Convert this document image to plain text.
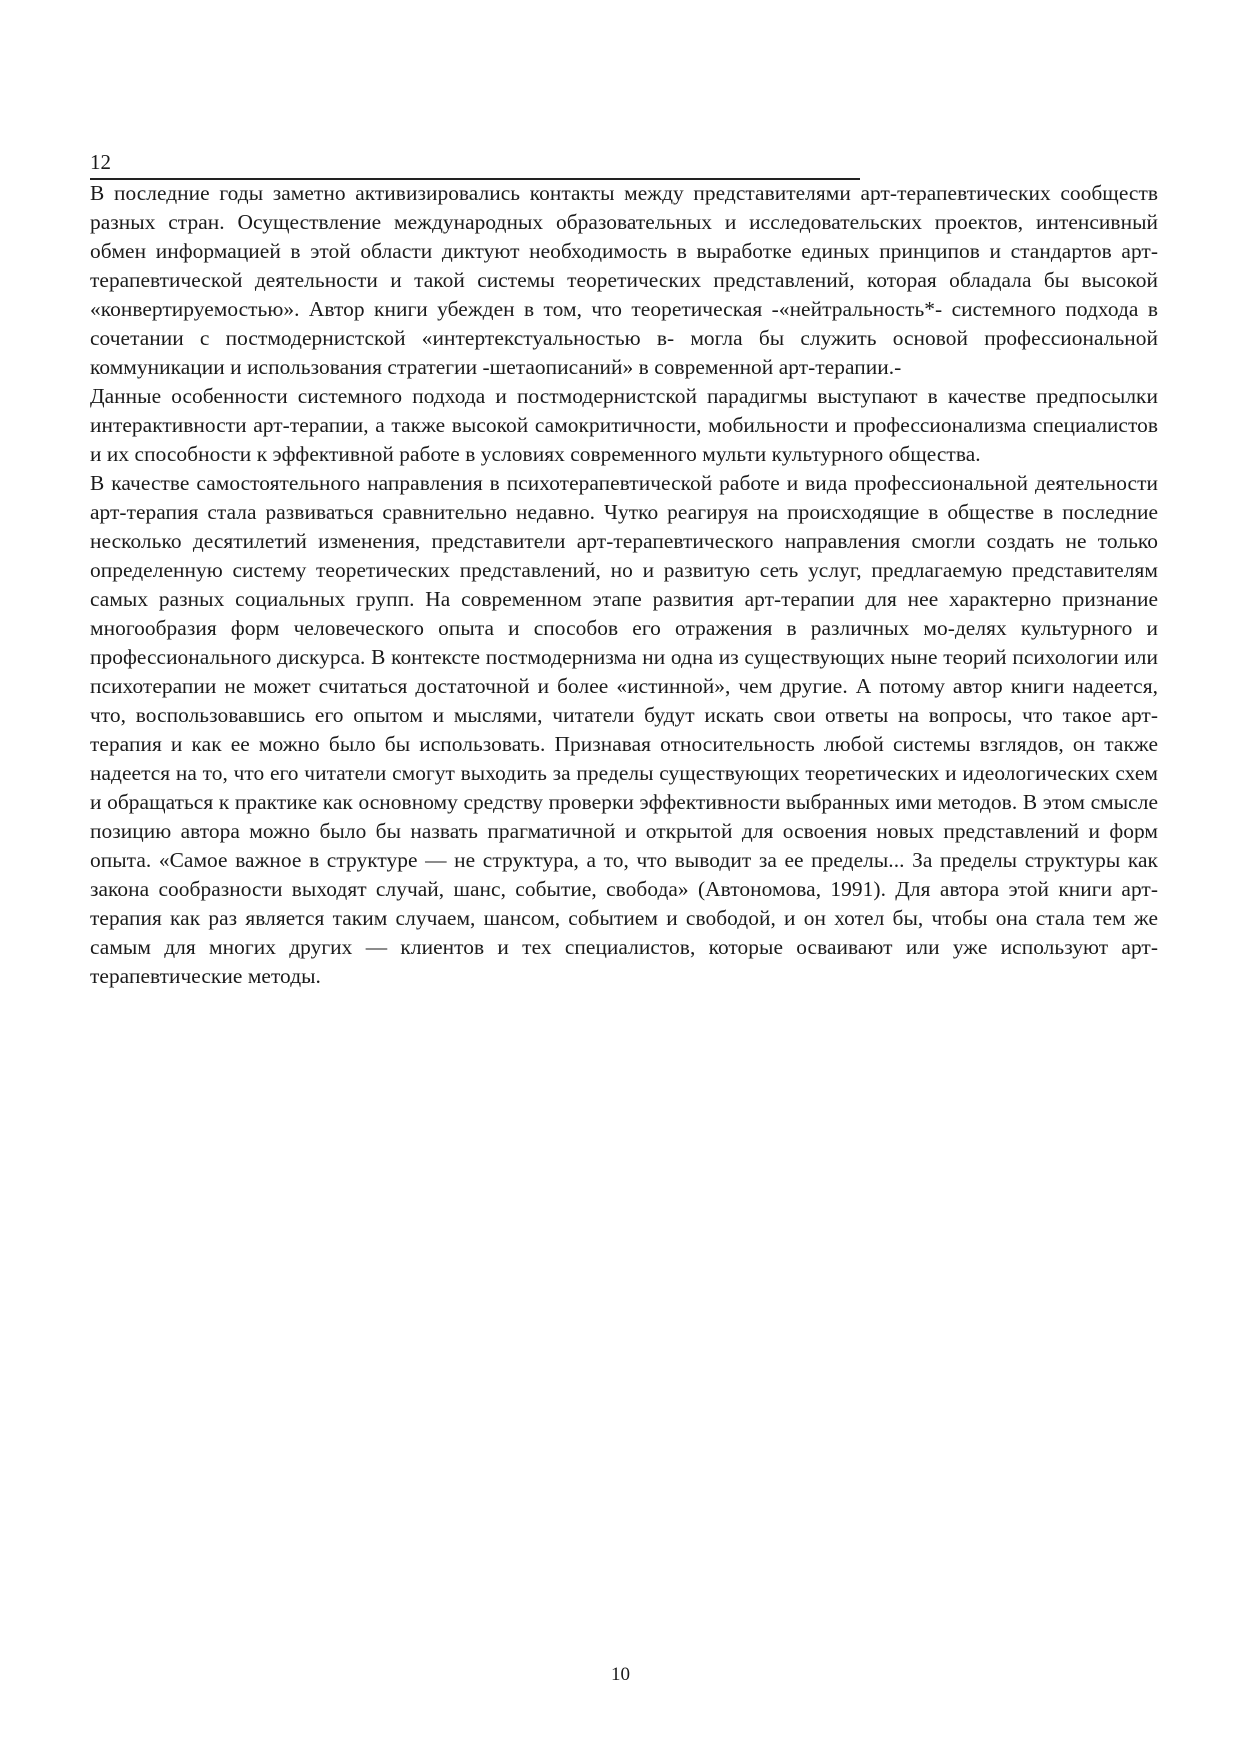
12

В последние годы заметно активизировались контакты между представителями арт-терапевтических сообществ разных стран. Осуществление международных образовательных и исследовательских проектов, интенсивный обмен информацией в этой области диктуют необходимость в выработке единых принципов и стандартов арт-терапевтической деятельности и такой системы теоретических представлений, которая обладала бы высокой «конвертируемостью». Автор книги убежден в том, что теоретическая -«нейтральность*- системного подхода в сочетании с постмодернистской «интертекстуальностью в- могла бы служить основой профессиональной коммуникации и использования стратегии -шетаописаний» в современной арт-терапии.-

Данные особенности системного подхода и постмодернистской парадигмы выступают в качестве предпосылки интерактивности арт-терапии, а также высокой самокритичности, мобильности и профессионализма специалистов и их способности к эффективной работе в условиях современного мульти культурного общества.

В качестве самостоятельного направления в психотерапевтической работе и вида профессиональной деятельности арт-терапия стала развиваться сравнительно недавно. Чутко реагируя на происходящие в обществе в последние несколько десятилетий изменения, представители арт-терапевтического направления смогли создать не только определенную систему теоретических представлений, но и развитую сеть услуг, предлагаемую представителям самых разных социальных групп. На современном этапе развития арт-терапии для нее характерно признание многообразия форм человеческого опыта и способов его отражения в различных мо-делях культурного и профессионального дискурса. В контексте постмодернизма ни одна из существующих ныне теорий психологии или психотерапии не может считаться достаточной и более «истинной», чем другие. А потому автор книги надеется, что, воспользовавшись его опытом и мыслями, читатели будут искать свои ответы на вопросы, что такое арт-терапия и как ее можно было бы использовать. Признавая относительность любой системы взглядов, он также надеется на то, что его читатели смогут выходить за пределы существующих теоретических и идеологических схем и обращаться к практике как основному средству проверки эффективности выбранных ими методов. В этом смысле позицию автора можно было бы назвать прагматичной и открытой для освоения новых представлений и форм опыта. «Самое важное в структуре — не структура, а то, что выводит за ее пределы... За пределы структуры как закона сообразности выходят случай, шанс, событие, свобода» (Автономова, 1991). Для автора этой книги арт-терапия как раз является таким случаем, шансом, событием и свободой, и он хотел бы, чтобы она стала тем же самым для многих других — клиентов и тех специалистов, которые осваивают или уже используют арт-терапевтические методы.

10
